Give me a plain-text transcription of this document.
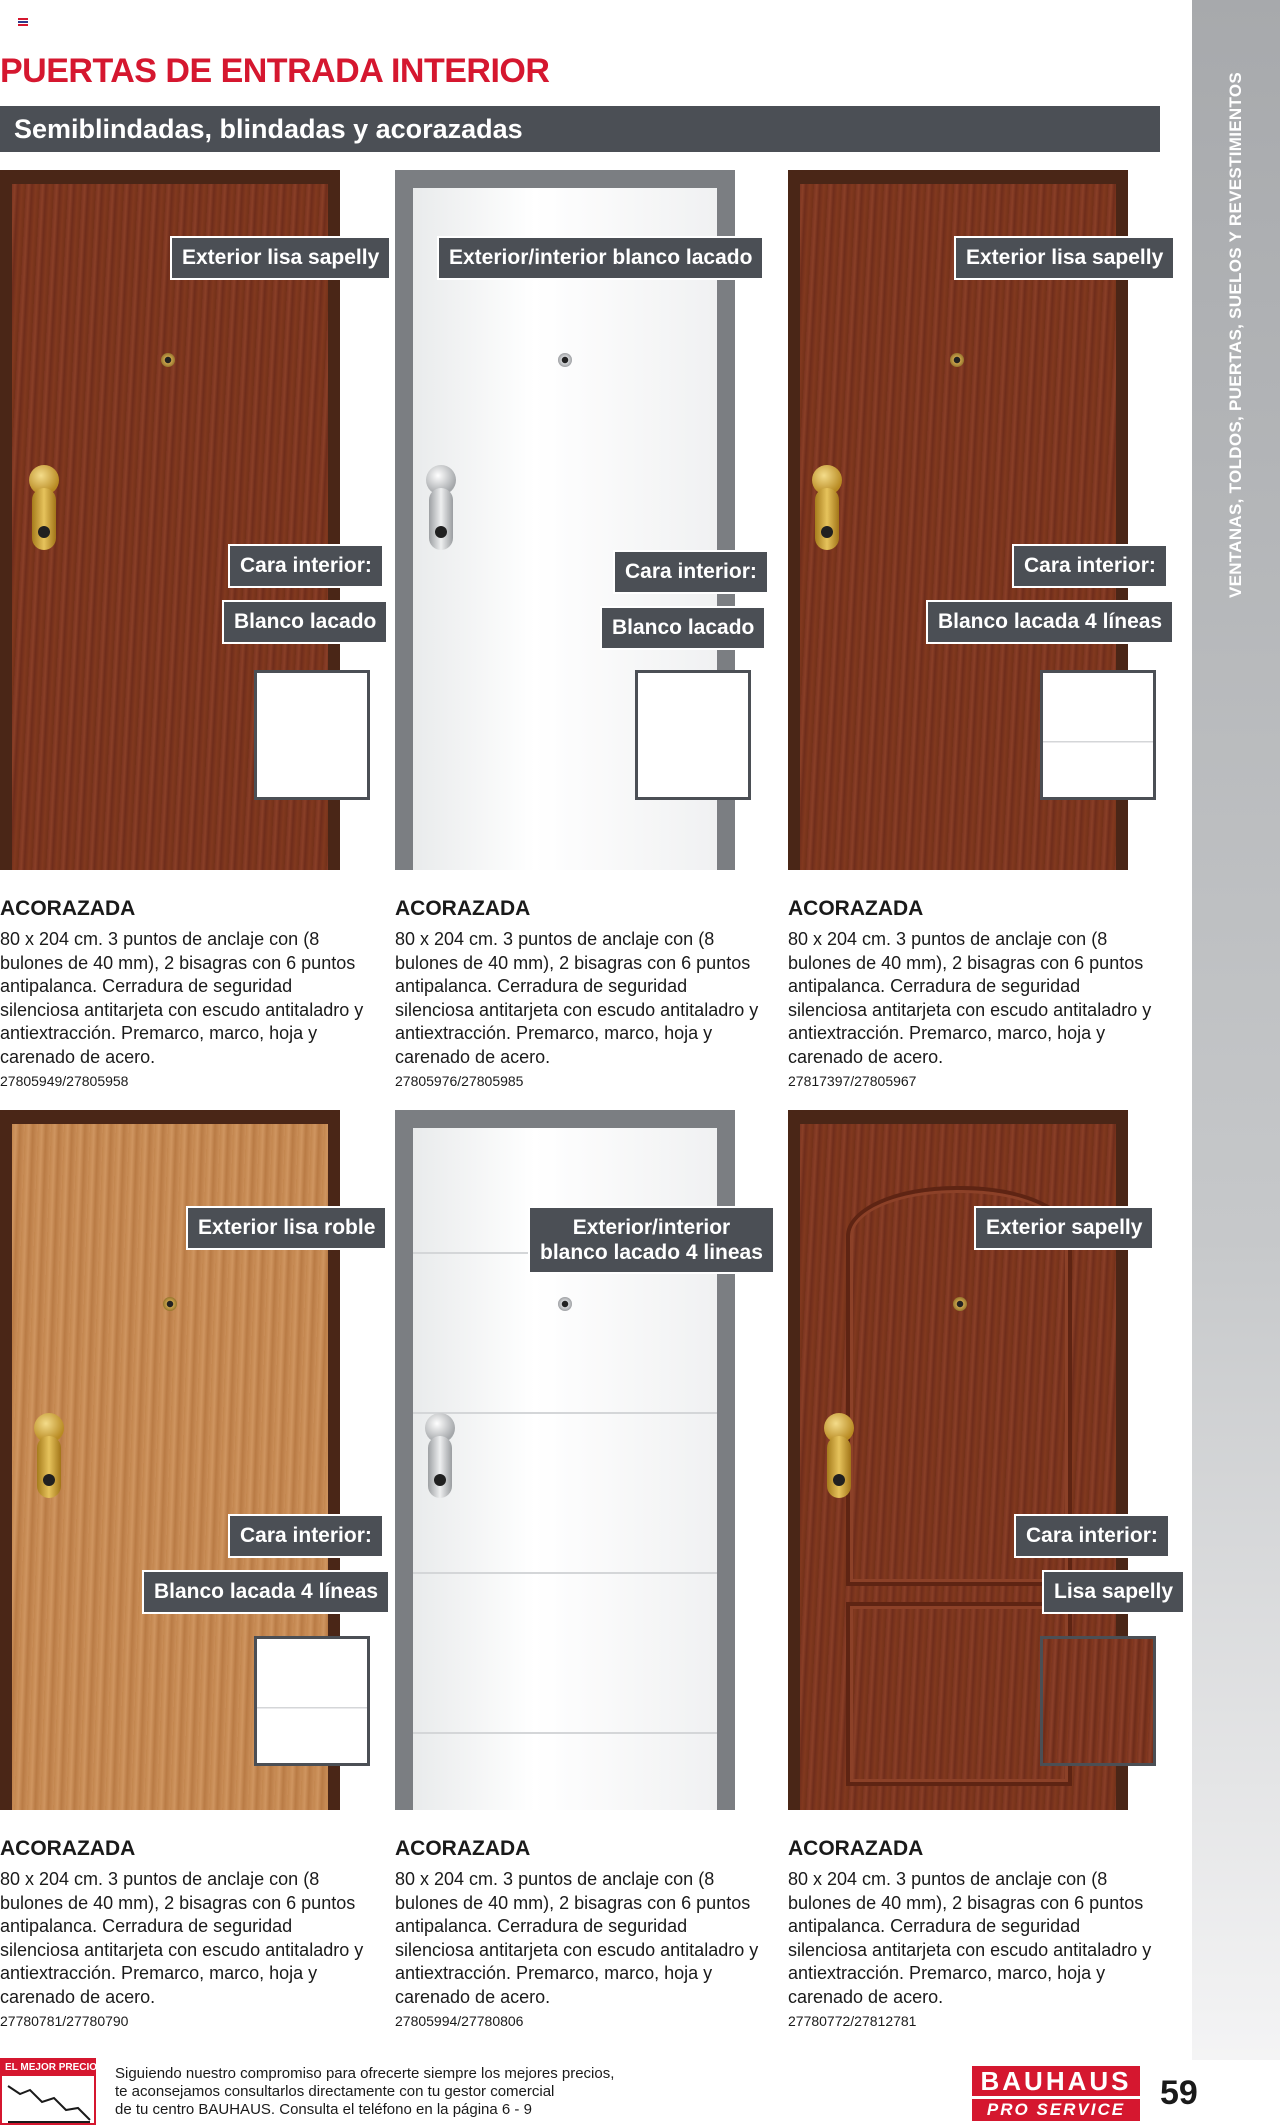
PUERTAS DE ENTRADA INTERIOR
Semiblindadas, blindadas y acorazadas	VENTANAS, TOLDOS, PUERTAS, SUELOS Y REVESTIMIENTOS
Exterior lisa sapelly
Cara interior:
Blanco lacado
ACORAZADA

80 x 204 cm. 3 puntos de anclaje con (8 bulones de 40 mm), 2 bisagras con 6 puntos antipalanca. Cerradura de seguridad silenciosa antitarjeta con escudo antitaladro y antiextracción. Premarco, marco, hoja y carenado de acero.

27805949/27805958

Exterior/interior blanco lacado
Cara interior:
Blanco lacado
ACORAZADA

80 x 204 cm. 3 puntos de anclaje con (8 bulones de 40 mm), 2 bisagras con 6 puntos antipalanca. Cerradura de seguridad silenciosa antitarjeta con escudo antitaladro y antiextracción. Premarco, marco, hoja y carenado de acero.

27805976/27805985

Exterior lisa sapelly
Cara interior:
Blanco lacada 4 líneas
ACORAZADA

80 x 204 cm. 3 puntos de anclaje con (8 bulones de 40 mm), 2 bisagras con 6 puntos antipalanca. Cerradura de seguridad silenciosa antitarjeta con escudo antitaladro y antiextracción. Premarco, marco, hoja y carenado de acero.

27817397/27805967

Exterior lisa roble
Cara interior:
Blanco lacada 4 líneas
ACORAZADA

80 x 204 cm. 3 puntos de anclaje con (8 bulones de 40 mm), 2 bisagras con 6 puntos antipalanca. Cerradura de seguridad silenciosa antitarjeta con escudo antitaladro y antiextracción. Premarco, marco, hoja y carenado de acero.

27780781/27780790

Exterior/interior
blanco lacado 4 lineas
ACORAZADA

80 x 204 cm. 3 puntos de anclaje con (8 bulones de 40 mm), 2 bisagras con 6 puntos antipalanca. Cerradura de seguridad silenciosa antitarjeta con escudo antitaladro y antiextracción. Premarco, marco, hoja y carenado de acero.

27805994/27780806

Exterior sapelly
Cara interior:
Lisa sapelly
ACORAZADA

80 x 204 cm. 3 puntos de anclaje con (8 bulones de 40 mm), 2 bisagras con 6 puntos antipalanca. Cerradura de seguridad silenciosa antitarjeta con escudo antitaladro y antiextracción. Premarco, marco, hoja y carenado de acero.

27780772/27812781

EL MEJOR PRECIO Siguiendo nuestro compromiso para ofrecerte siempre los mejores precios,
te aconsejamos consultarlos directamente con tu gestor comercial
de tu centro BAUHAUS. Consulta el teléfono en la página 6 - 9
BAUHAUS
PRO SERVICE	59
